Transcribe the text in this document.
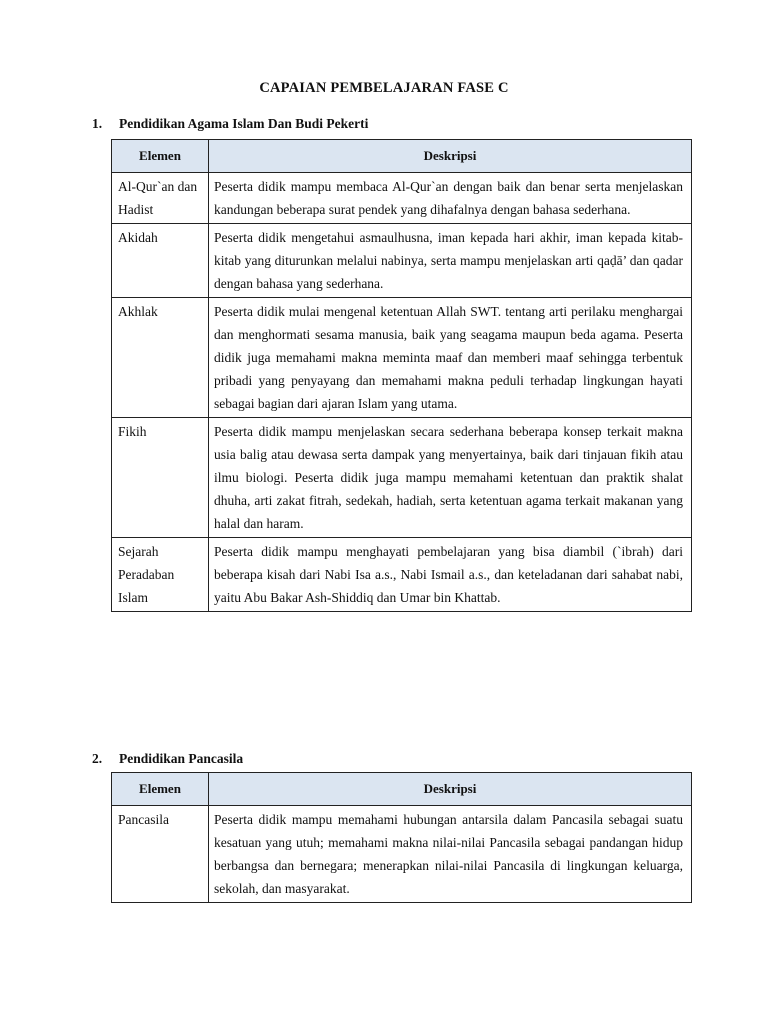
CAPAIAN PEMBELAJARAN FASE C
1. Pendidikan Agama Islam Dan Budi Pekerti
Elemen	Deskripsi
Al-Qur`an dan Hadist	Peserta didik mampu membaca Al-Qur`an dengan baik dan benar serta menjelaskan kandungan beberapa surat pendek yang dihafalnya dengan bahasa sederhana.
Akidah	Peserta didik mengetahui asmaulhusna, iman kepada hari akhir, iman kepada kitab-kitab yang diturunkan melalui nabinya, serta mampu menjelaskan arti qaḍā’ dan qadar dengan bahasa yang sederhana.
Akhlak	Peserta didik mulai mengenal ketentuan Allah SWT. tentang arti perilaku menghargai dan menghormati sesama manusia, baik yang seagama maupun beda agama. Peserta didik juga memahami makna meminta maaf dan memberi maaf sehingga terbentuk pribadi yang penyayang dan memahami makna peduli terhadap lingkungan hayati sebagai bagian dari ajaran Islam yang utama.
Fikih	Peserta didik mampu menjelaskan secara sederhana beberapa konsep terkait makna usia balig atau dewasa serta dampak yang menyertainya, baik dari tinjauan fikih atau ilmu biologi. Peserta didik juga mampu memahami ketentuan dan praktik shalat dhuha, arti zakat fitrah, sedekah, hadiah, serta ketentuan agama terkait makanan yang halal dan haram.
Sejarah Peradaban Islam	Peserta didik mampu menghayati pembelajaran yang bisa diambil (`ibrah) dari beberapa kisah dari Nabi Isa a.s., Nabi Ismail a.s., dan keteladanan dari sahabat nabi, yaitu Abu Bakar Ash-Shiddiq dan Umar bin Khattab.
2. Pendidikan Pancasila
Elemen	Deskripsi
Pancasila	Peserta didik mampu memahami hubungan antarsila dalam Pancasila sebagai suatu kesatuan yang utuh; memahami makna nilai-nilai Pancasila sebagai pandangan hidup berbangsa dan bernegara; menerapkan nilai-nilai Pancasila di lingkungan keluarga, sekolah, dan masyarakat.
